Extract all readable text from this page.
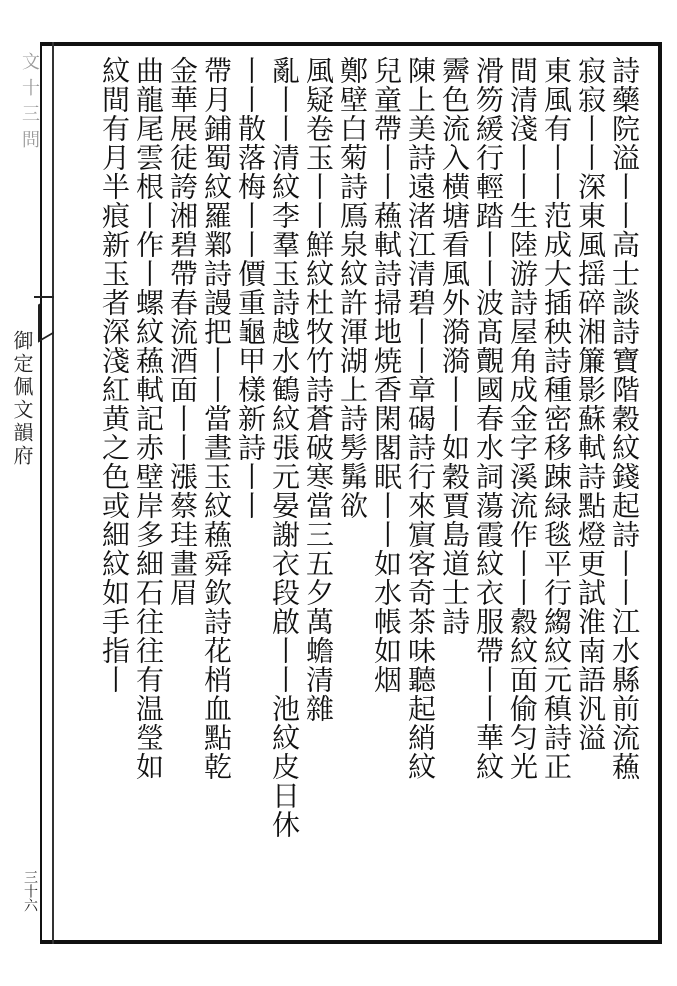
文十三問
御定佩文韻府
三十六
詩藥院溢丨丨高士談詩寶階穀紋錢起詩丨丨江水縣前流蘓
寂寂丨丨深東風揺碎湘簾影蘇軾詩點燈更試淮南語汎溢
東風有丨丨范成大插秧詩種密移踈緑毯平行縐紋元稹詩正
間清淺丨丨生陸游詩屋角成金字溪流作丨丨縠紋面偷匀光
滑笏緩行輕踏丨丨波髙覿國春水詞蕩霞紋衣服帶丨丨華紋
霽色流入横塘看風外漪漪丨丨如穀賈島道士詩
陳上美詩遠渚江清碧丨丨章碣詩行來賔客奇茶味聽起綃紋
兒童帶丨丨蘓軾詩掃地焼香閑閣眠丨丨如水帳如烟
鄭壁白菊詩鳫泉紋許渾湖上詩髣髴欲
風疑卷玉丨丨鮮紋杜牧竹詩蒼破寒當三五夕萬蟾清雜
亂丨丨清紋李羣玉詩越水鶴紋張元晏謝衣段啟丨丨池紋皮日休
丨丨散落梅丨丨價重龜甲樣新詩丨丨
帶月鋪蜀紋羅鄴詩謾把丨丨當晝玉紋蘓舜欽詩花梢血點乾
金華展徒誇湘碧帶春流酒面丨丨漲蔡珪畫眉
曲龍尾雲根丨作丨螺紋蘓軾記赤壁岸多細石往往有温瑩如
紋間有月半痕新玉者深淺紅黄之色或細紋如手指丨
